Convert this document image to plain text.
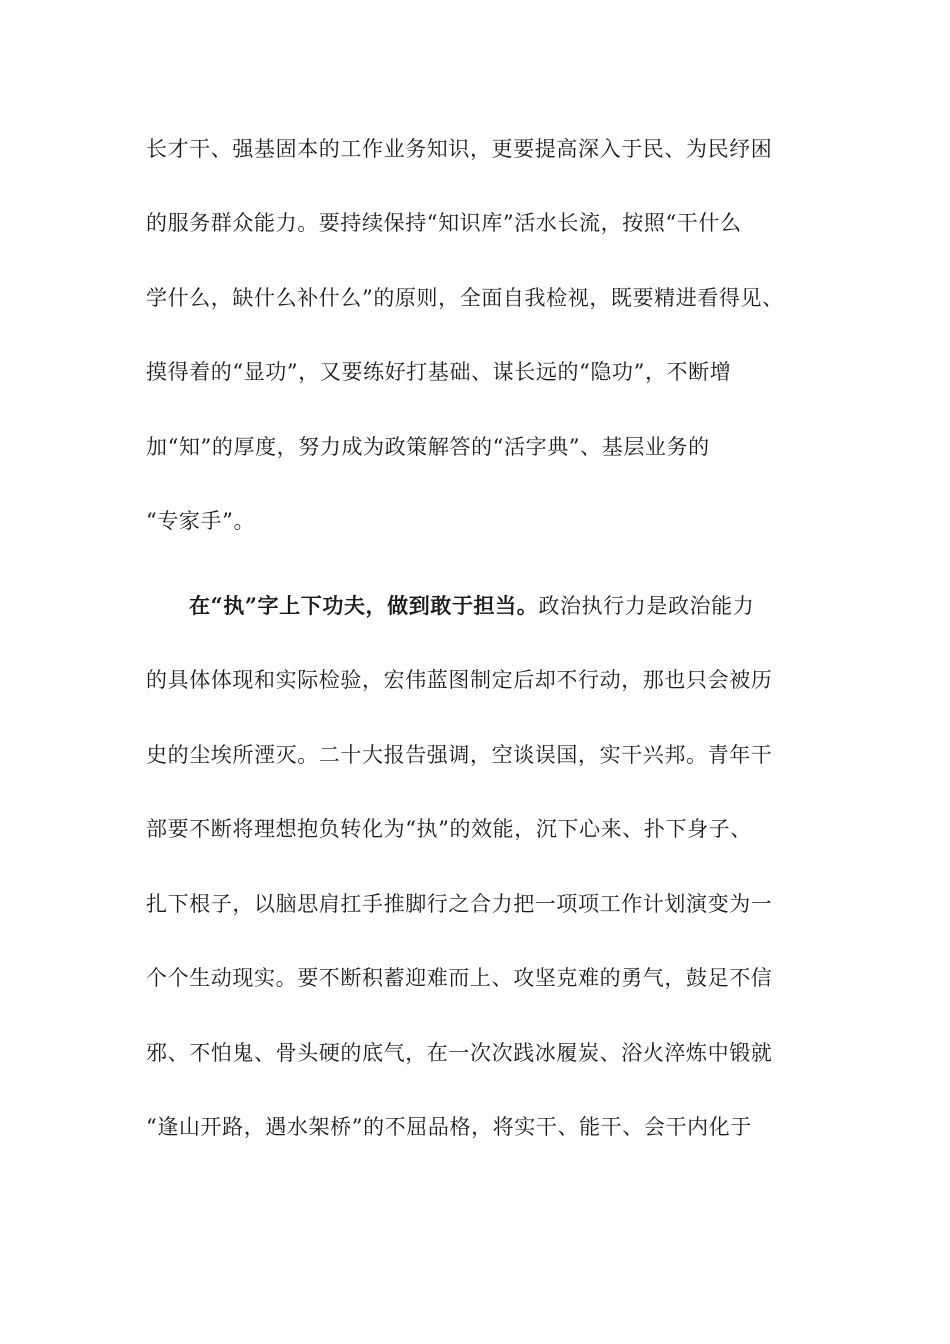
长才干、强基固本的工作业务知识，更要提高深入于民、为民纾困
的服务群众能力。要持续保持“知识库”活水长流，按照“干什么
学什么，缺什么补什么”的原则，全面自我检视，既要精进看得见、
摸得着的“显功”，又要练好打基础、谋长远的“隐功”，不断增
加“知”的厚度，努力成为政策解答的“活字典”、基层业务的
“专家手”。
在“执”字上下功夫，做到敢于担当。政治执行力是政治能力
的具体体现和实际检验，宏伟蓝图制定后却不行动，那也只会被历
史的尘埃所湮灭。二十大报告强调，空谈误国，实干兴邦。青年干
部要不断将理想抱负转化为“执”的效能，沉下心来、扑下身子、
扎下根子，以脑思肩扛手推脚行之合力把一项项工作计划演变为一
个个生动现实。要不断积蓄迎难而上、攻坚克难的勇气，鼓足不信
邪、不怕鬼、骨头硬的底气，在一次次践冰履炭、浴火淬炼中锻就
“逢山开路，遇水架桥”的不屈品格，将实干、能干、会干内化于
